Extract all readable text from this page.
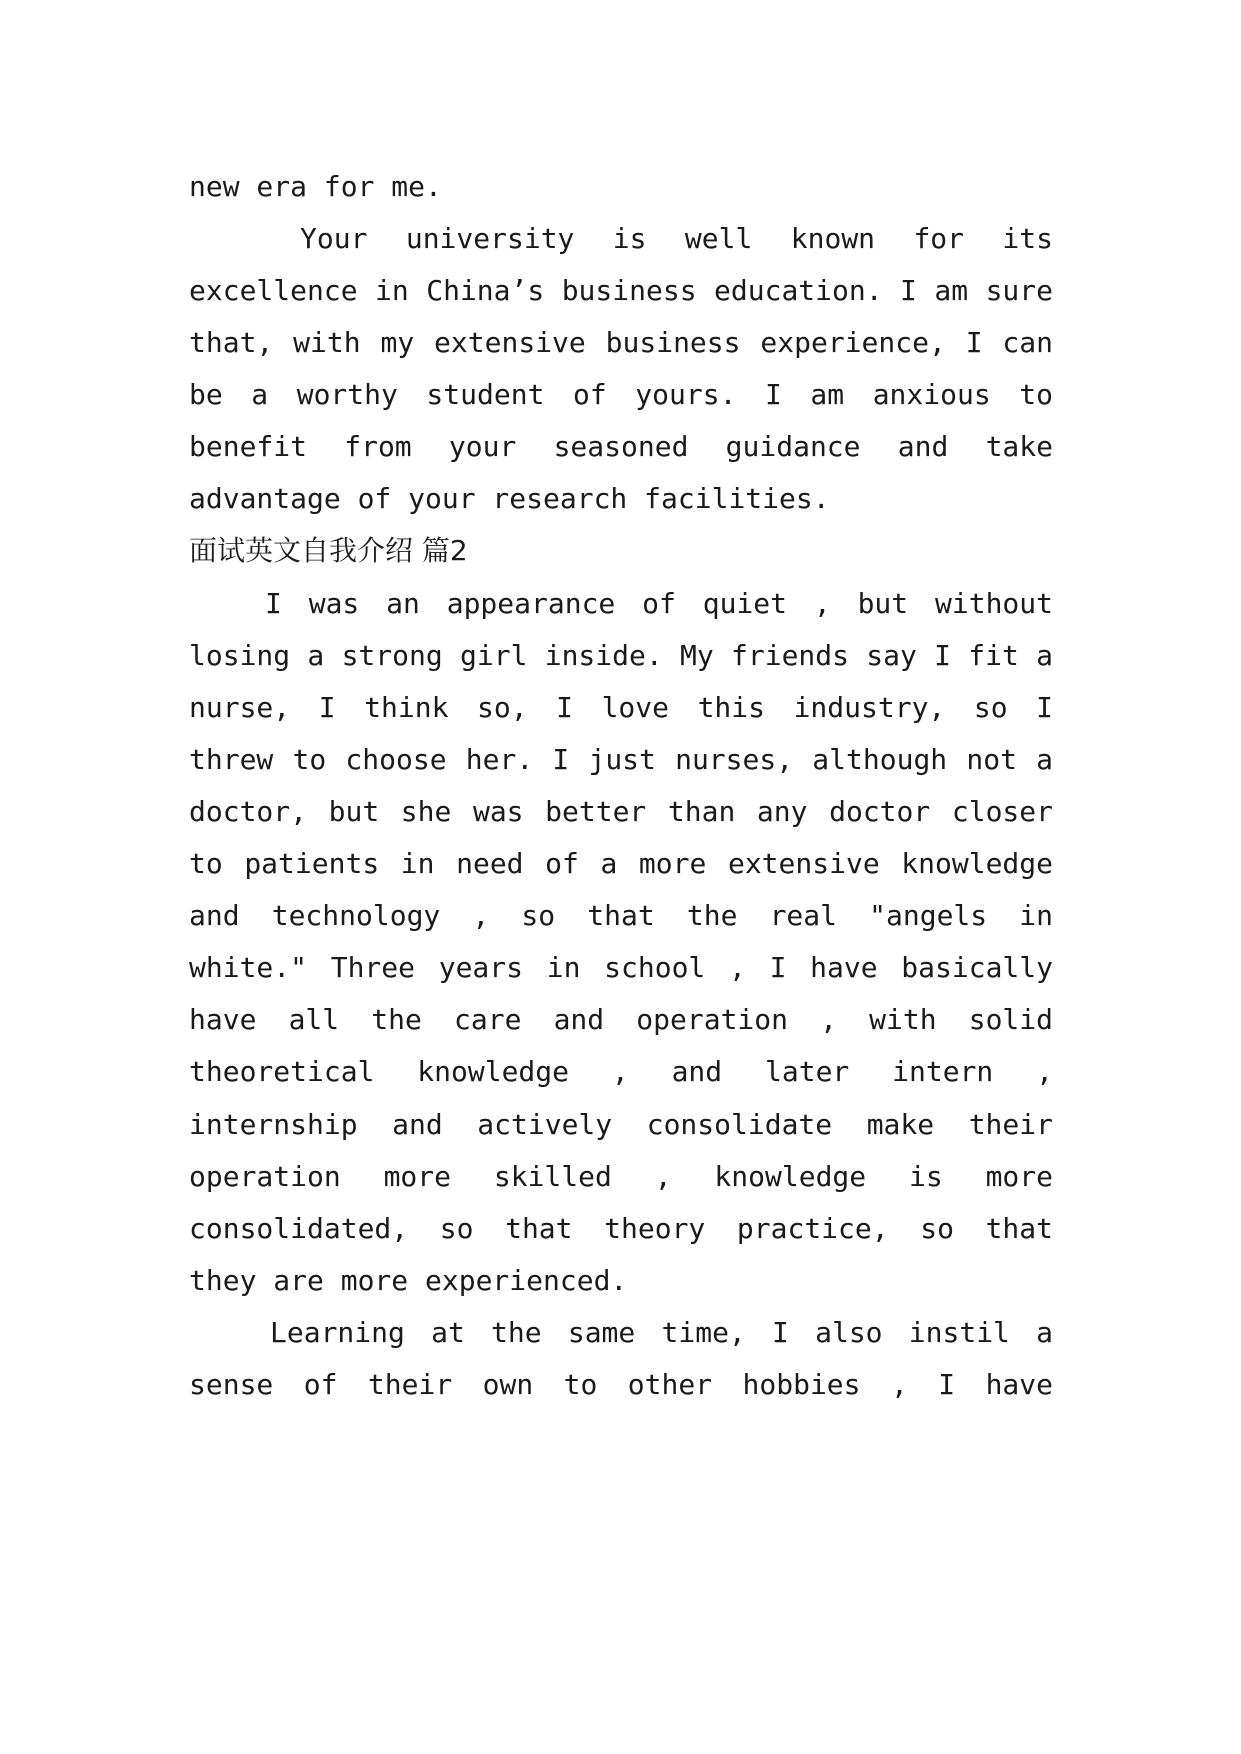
new era for me.
Your university is well known for its
excellence in China’s business education. I am sure
that, with my extensive business experience, I can
be a worthy student of yours. I am anxious to
benefit from your seasoned guidance and take
advantage of your research facilities.
面试英文自我介绍 篇2
I was an appearance of quiet , but without
losing a strong girl inside. My friends say I fit a
nurse, I think so, I love this industry, so I
threw to choose her. I just nurses, although not a
doctor, but she was better than any doctor closer
to patients in need of a more extensive knowledge
and technology , so that the real "angels in
white." Three years in school , I have basically
have all the care and operation , with solid
theoretical knowledge , and later intern ,
internship and actively consolidate make their
operation more skilled , knowledge is more
consolidated, so that theory practice, so that
they are more experienced.
Learning at the same time, I also instil a
sense of their own to other hobbies , I have
